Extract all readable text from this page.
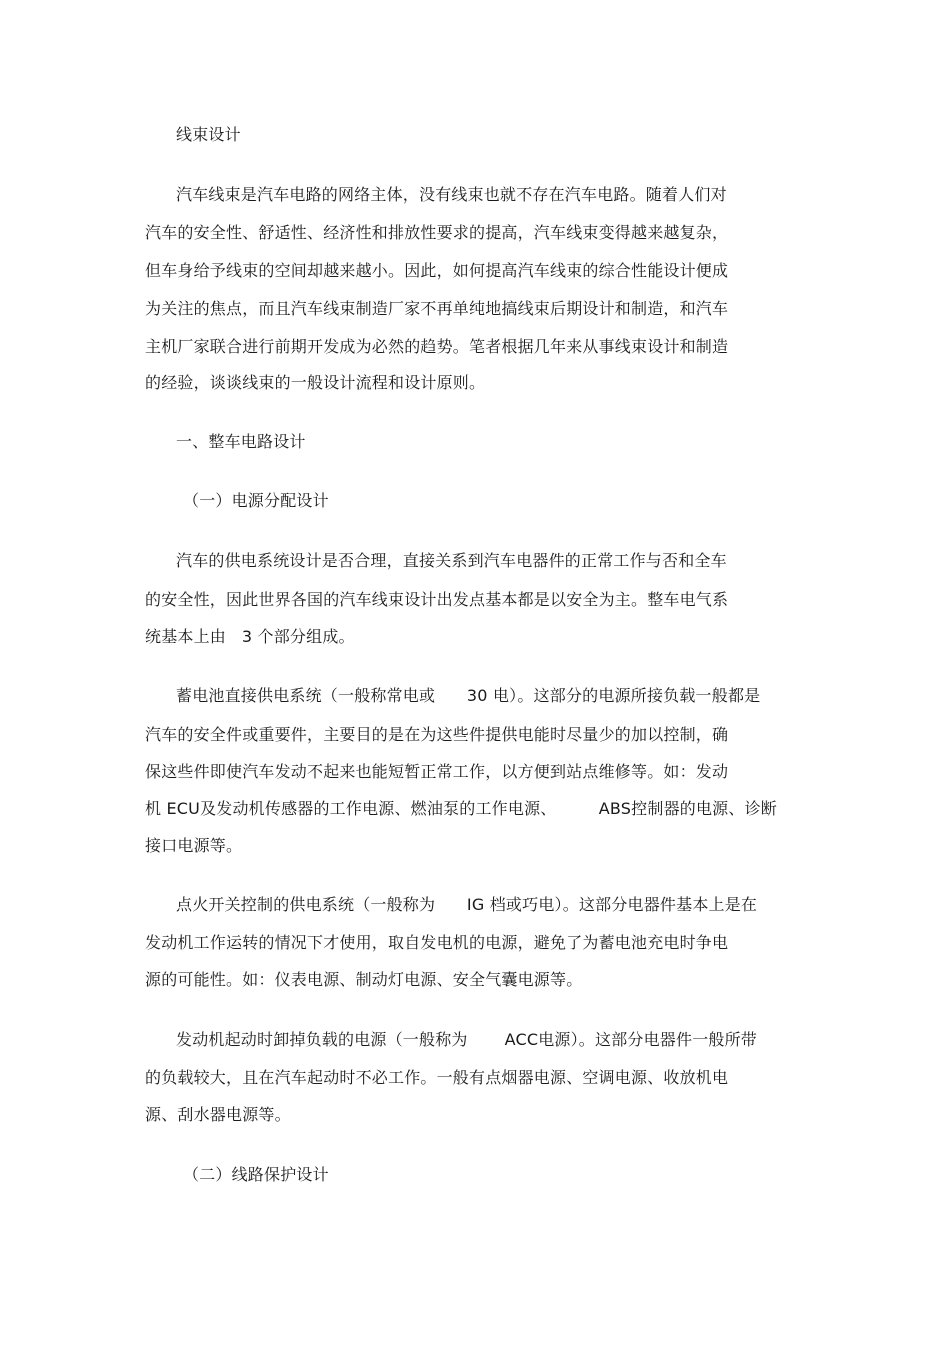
线束设计
汽车线束是汽车电路的网络主体，没有线束也就不存在汽车电路。随着人们对
汽车的安全性、舒适性、经济性和排放性要求的提高，汽车线束变得越来越复杂，
但车身给予线束的空间却越来越小。因此，如何提高汽车线束的综合性能设计便成
为关注的焦点，而且汽车线束制造厂家不再单纯地搞线束后期设计和制造，和汽车
主机厂家联合进行前期开发成为必然的趋势。笔者根据几年来从事线束设计和制造
的经验，谈谈线束的一般设计流程和设计原则。
一、整车电路设计
（一）电源分配设计
汽车的供电系统设计是否合理，直接关系到汽车电器件的正常工作与否和全车
的安全性，因此世界各国的汽车线束设计出发点基本都是以安全为主。整车电气系
统基本上由   3 个部分组成。
蓄电池直接供电系统（一般称常电或      30 电）。这部分的电源所接负载一般都是
汽车的安全件或重要件，主要目的是在为这些件提供电能时尽量少的加以控制，确
保这些件即使汽车发动不起来也能短暂正常工作，以方便到站点维修等。如：发动
机 ECU及发动机传感器的工作电源、燃油泵的工作电源、        ABS控制器的电源、诊断
接口电源等。
点火开关控制的供电系统（一般称为      IG 档或巧电）。这部分电器件基本上是在
发动机工作运转的情况下才使用，取自发电机的电源，避免了为蓄电池充电时争电
源的可能性。如：仪表电源、制动灯电源、安全气囊电源等。
发动机起动时卸掉负载的电源（一般称为       ACC电源）。这部分电器件一般所带
的负载较大，且在汽车起动时不必工作。一般有点烟器电源、空调电源、收放机电
源、刮水器电源等。
（二）线路保护设计
